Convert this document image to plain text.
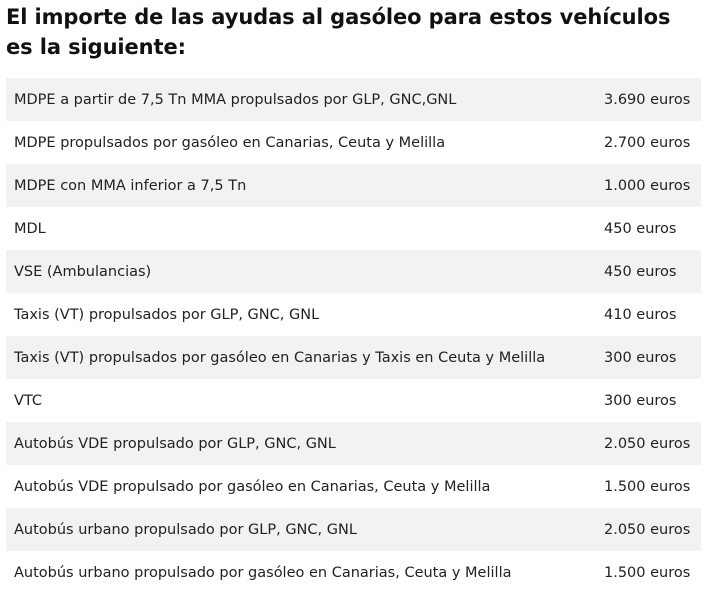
El importe de las ayudas al gasóleo para estos vehículos es la siguiente:
MDPE a partir de 7,5 Tn MMA propulsados por GLP, GNC,GNL	3.690 euros
MDPE propulsados por gasóleo en Canarias, Ceuta y Melilla	2.700 euros
MDPE con MMA inferior a 7,5 Tn	1.000 euros
MDL	450 euros
VSE (Ambulancias)	450 euros
Taxis (VT) propulsados por GLP, GNC, GNL	410 euros
Taxis (VT) propulsados por gasóleo en Canarias y Taxis en Ceuta y Melilla	300 euros
VTC	300 euros
Autobús VDE propulsado por GLP, GNC, GNL	2.050 euros
Autobús VDE propulsado por gasóleo en Canarias, Ceuta y Melilla	1.500 euros
Autobús urbano propulsado por GLP, GNC, GNL	2.050 euros
Autobús urbano propulsado por gasóleo en Canarias, Ceuta y Melilla	1.500 euros
